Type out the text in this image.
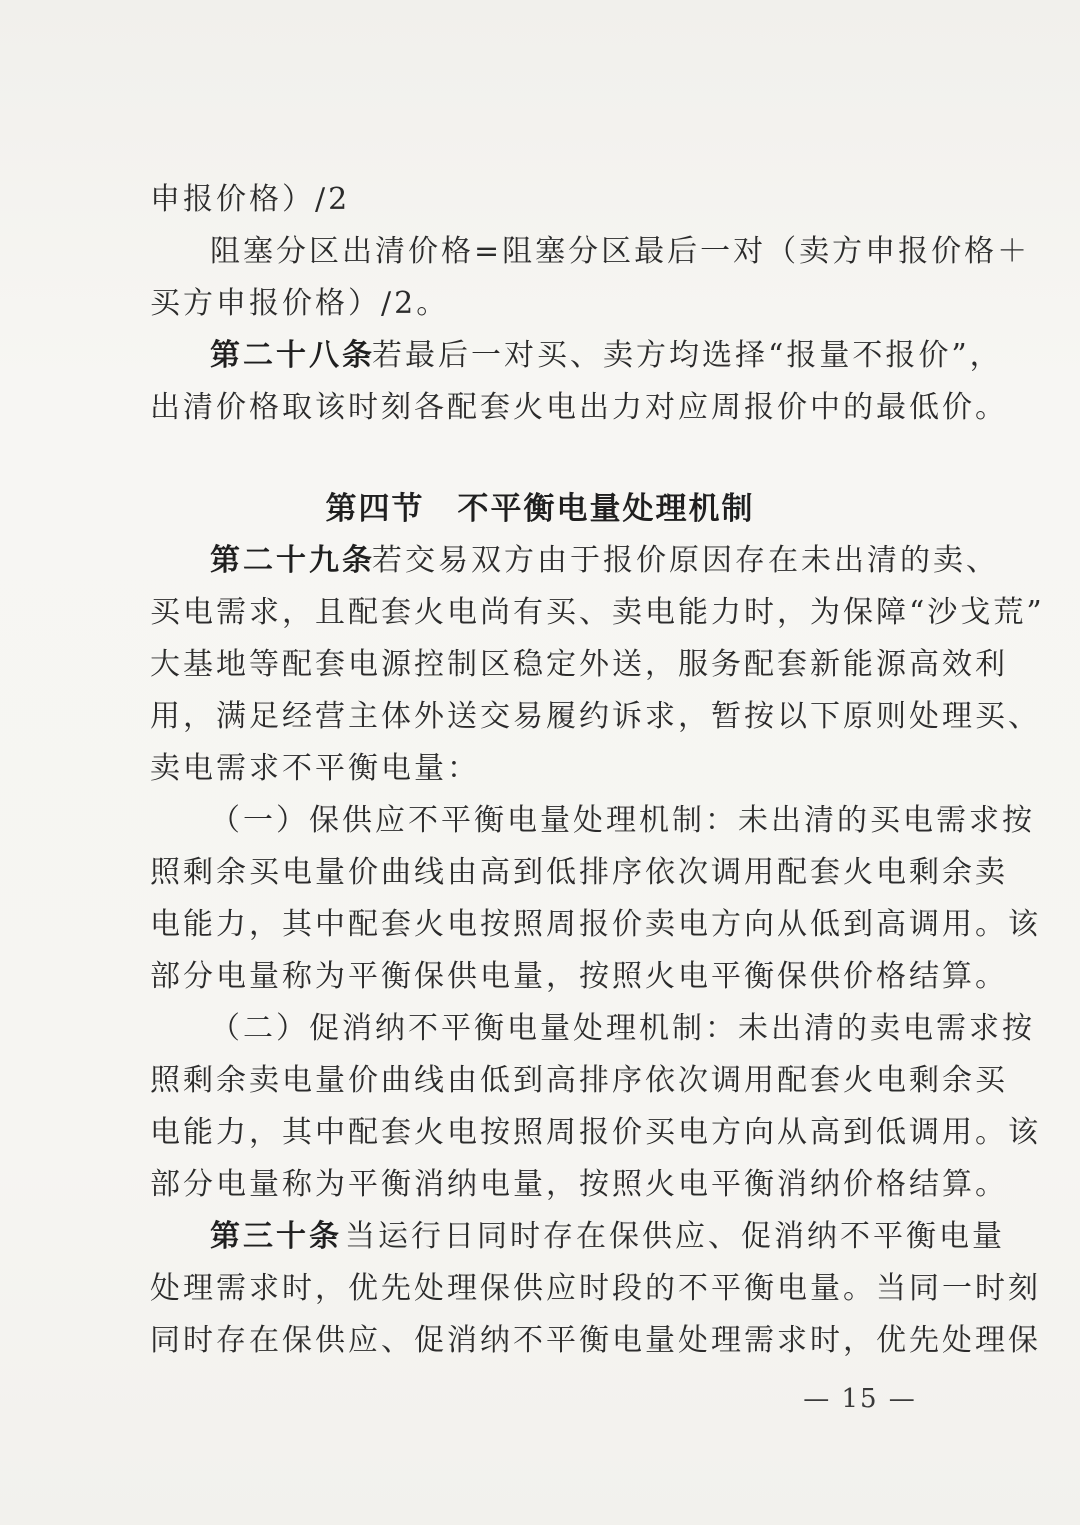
申报价格）/2
阻塞分区出清价格=阻塞分区最后一对（卖方申报价格＋
买方申报价格）/2。
第二十八条
若最后一对买、卖方均选择“报量不报价”，
出清价格取该时刻各配套火电出力对应周报价中的最低价。
第四节　不平衡电量处理机制
第二十九条
若交易双方由于报价原因存在未出清的卖、
买电需求，且配套火电尚有买、卖电能力时，为保障“沙戈荒”
大基地等配套电源控制区稳定外送，服务配套新能源高效利
用，满足经营主体外送交易履约诉求，暂按以下原则处理买、
卖电需求不平衡电量：
（一）保供应不平衡电量处理机制：未出清的买电需求按
照剩余买电量价曲线由高到低排序依次调用配套火电剩余卖
电能力，其中配套火电按照周报价卖电方向从低到高调用。该
部分电量称为平衡保供电量，按照火电平衡保供价格结算。
（二）促消纳不平衡电量处理机制：未出清的卖电需求按
照剩余卖电量价曲线由低到高排序依次调用配套火电剩余买
电能力，其中配套火电按照周报价买电方向从高到低调用。该
部分电量称为平衡消纳电量，按照火电平衡消纳价格结算。
第三十条 当运行日同时存在保供应、促消纳不平衡电量
处理需求时，优先处理保供应时段的不平衡电量。当同一时刻
同时存在保供应、促消纳不平衡电量处理需求时，优先处理保
— 15 —
